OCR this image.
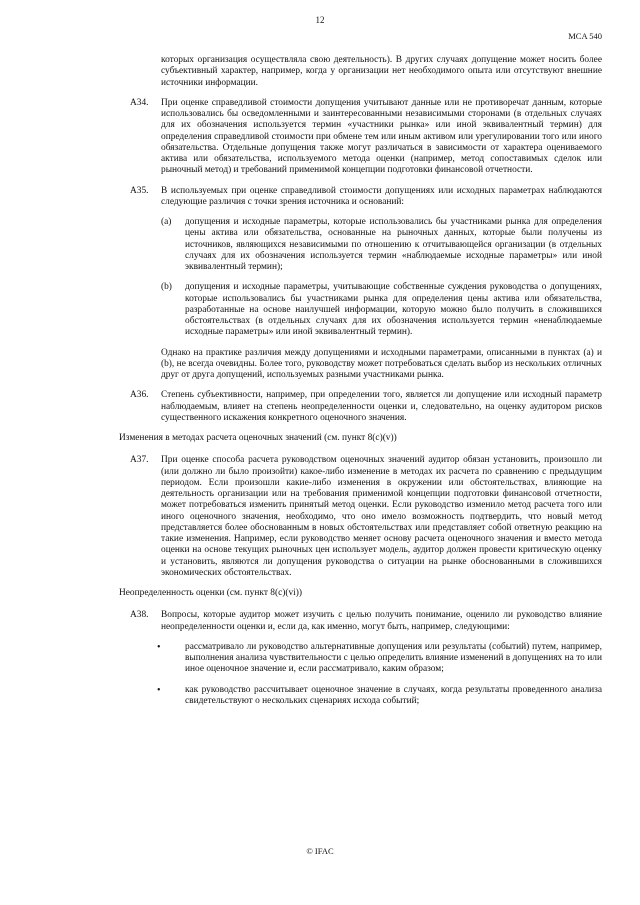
12
MCA 540

которых организация осуществляла свою деятельность). В других случаях допущение может носить более субъективный характер, например, когда у организации нет необходимого опыта или отсутствуют внешние источники информации.

A34. При оценке справедливой стоимости допущения учитывают данные или не противоречат данным, которые использовались бы осведомленными и заинтересованными независимыми сторонами (в отдельных случаях для их обозначения используется термин «участники рынка» или иной эквивалентный термин) для определения справедливой стоимости при обмене тем или иным активом или урегулировании того или иного обязательства. Отдельные допущения также могут различаться в зависимости от характера оцениваемого актива или обязательства, используемого метода оценки (например, метод сопоставимых сделок или рыночный метод) и требований применимой концепции подготовки финансовой отчетности.
A35. В используемых при оценке справедливой стоимости допущениях или исходных параметрах наблюдаются следующие различия с точки зрения источника и оснований:
(a) допущения и исходные параметры, которые использовались бы участниками рынка для определения цены актива или обязательства, основанные на рыночных данных, которые были получены из источников, являющихся независимыми по отношению к отчитывающейся организации (в отдельных случаях для их обозначения используется термин «наблюдаемые исходные параметры» или иной эквивалентный термин);
(b) допущения и исходные параметры, учитывающие собственные суждения руководства о допущениях, которые использовались бы участниками рынка для определения цены актива или обязательства, разработанные на основе наилучшей информации, которую можно было получить в сложившихся обстоятельствах (в отдельных случаях для их обозначения используется термин «ненаблюдаемые исходные параметры» или иной эквивалентный термин).

Однако на практике различия между допущениями и исходными параметрами, описанными в пунктах (a) и (b), не всегда очевидны. Более того, руководству может потребоваться сделать выбор из нескольких отличных друг от друга допущений, используемых разными участниками рынка.

A36. Степень субъективности, например, при определении того, является ли допущение или исходный параметр наблюдаемым, влияет на степень неопределенности оценки и, следовательно, на оценку аудитором рисков существенного искажения конкретного оценочного значения.

Изменения в методах расчета оценочных значений (см. пункт 8(c)(v))

A37. При оценке способа расчета руководством оценочных значений аудитор обязан установить, произошло ли (или должно ли было произойти) какое-либо изменение в методах их расчета по сравнению с предыдущим периодом. Если произошли какие-либо изменения в окружении или обстоятельствах, влияющие на деятельность организации или на требования применимой концепции подготовки финансовой отчетности, может потребоваться изменить принятый метод оценки. Если руководство изменило метод расчета того или иного оценочного значения, необходимо, что оно имело возможность подтвердить, что новый метод представляется более обоснованным в новых обстоятельствах или представляет собой ответную реакцию на такие изменения. Например, если руководство меняет основу расчета оценочного значения и вместо метода оценки на основе текущих рыночных цен использует модель, аудитор должен провести критическую оценку и установить, являются ли допущения руководства о ситуации на рынке обоснованными в сложившихся экономических обстоятельствах.

Неопределенность оценки (см. пункт 8(c)(vi))

A38. Вопросы, которые аудитор может изучить с целью получить понимание, оценило ли руководство влияние неопределенности оценки и, если да, как именно, могут быть, например, следующими:
•	рассматривало ли руководство альтернативные допущения или результаты (событий) путем, например, выполнения анализа чувствительности с целью определить влияние изменений в допущениях на то или иное оценочное значение и, если рассматривало, каким образом;
•	как руководство рассчитывает оценочное значение в случаях, когда результаты проведенного анализа свидетельствуют о нескольких сценариях исхода событий;
© IFAC
